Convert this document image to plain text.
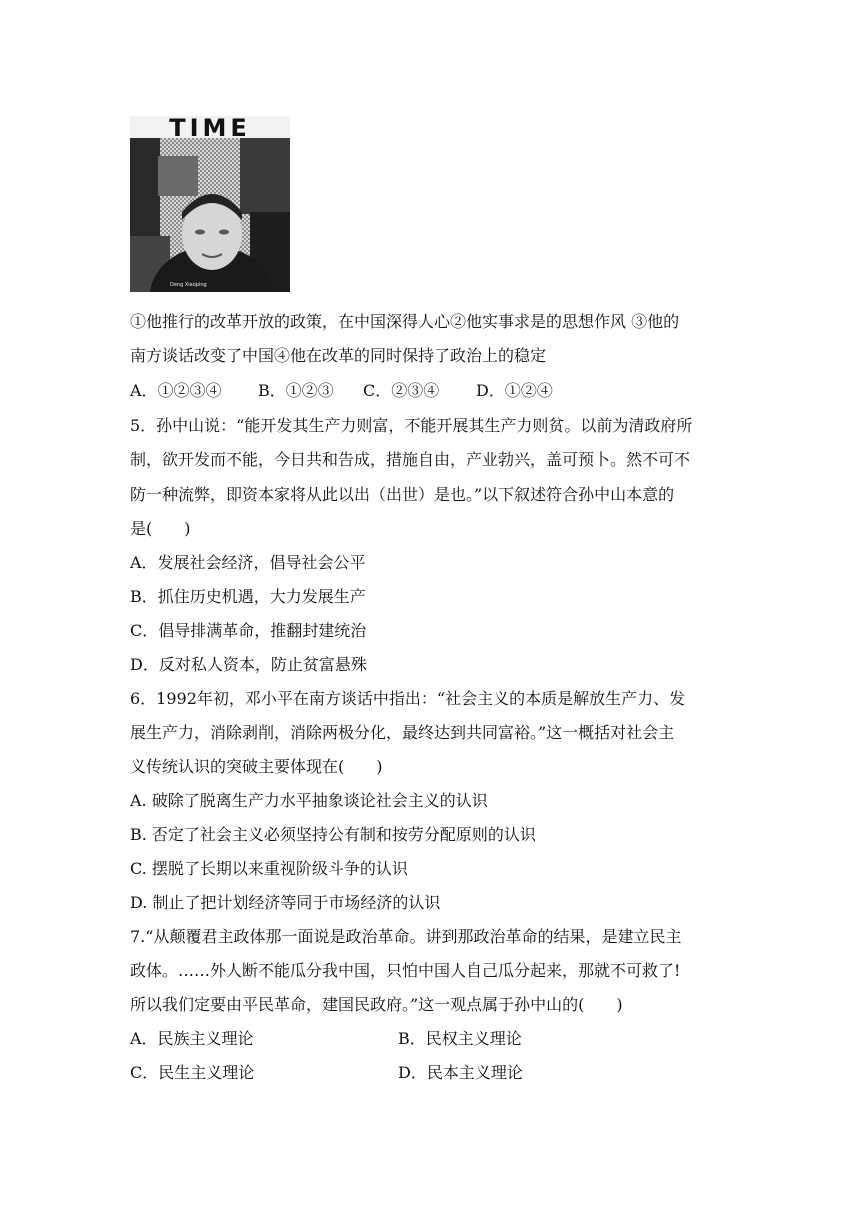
TIME
Deng Xiaoping
①他推行的改革开放的政策，在中国深得人心②他实事求是的思想作风 ③他的
南方谈话改变了中国④他在改革的同时保持了政治上的稳定
A．①②③④ B．①②③ C．②③④ D．①②④
5．孙中山说：“能开发其生产力则富，不能开展其生产力则贫。以前为清政府所
制，欲开发而不能，今日共和告成，措施自由，产业勃兴，盖可预卜。然不可不
防一种流弊，即资本家将从此以出（出世）是也。”以下叙述符合孙中山本意的
是(　　)
A．发展社会经济，倡导社会公平
B．抓住历史机遇，大力发展生产
C．倡导排满革命，推翻封建统治
D．反对私人资本，防止贫富悬殊
6．1992年初，邓小平在南方谈话中指出：“社会主义的本质是解放生产力、发
展生产力，消除剥削，消除两极分化，最终达到共同富裕。”这一概括对社会主
义传统认识的突破主要体现在(　　)
A. 破除了脱离生产力水平抽象谈论社会主义的认识
B. 否定了社会主义必须坚持公有制和按劳分配原则的认识
C. 摆脱了长期以来重视阶级斗争的认识
D. 制止了把计划经济等同于市场经济的认识
7.“从颠覆君主政体那一面说是政治革命。讲到那政治革命的结果，是建立民主
政体。……外人断不能瓜分我中国，只怕中国人自己瓜分起来，那就不可救了!
所以我们定要由平民革命，建国民政府。”这一观点属于孙中山的(　　)
A．民族主义理论	B．民权主义理论
C．民生主义理论	D．民本主义理论
